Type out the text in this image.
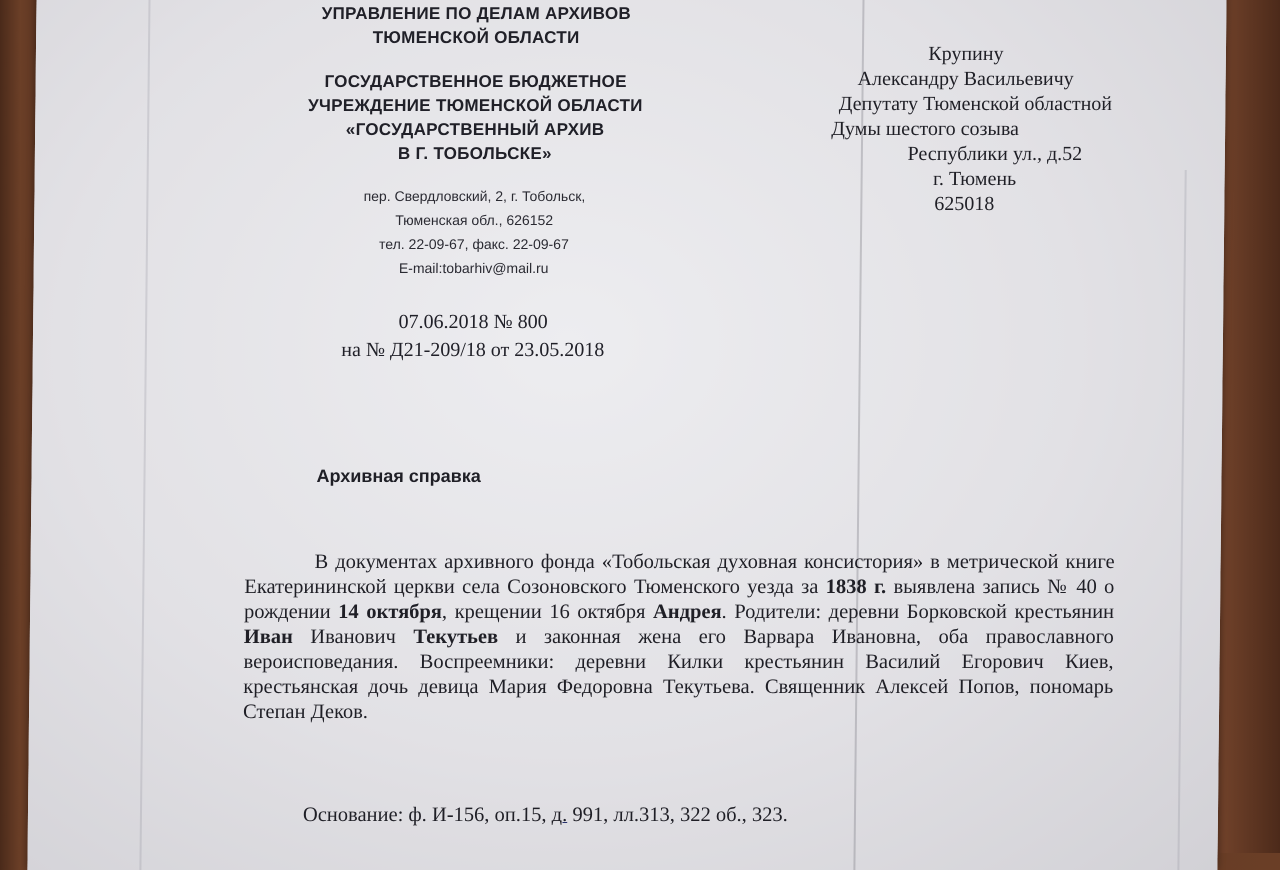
УПРАВЛЕНИЕ ПО ДЕЛАМ АРХИВОВ
ТЮМЕНСКОЙ ОБЛАСТИ
ГОСУДАРСТВЕННОЕ БЮДЖЕТНОЕ
УЧРЕЖДЕНИЕ ТЮМЕНСКОЙ ОБЛАСТИ
«ГОСУДАРСТВЕННЫЙ АРХИВ
В Г. ТОБОЛЬСКЕ»
пер. Свердловский, 2, г. Тобольск,
Тюменская обл., 626152
тел. 22-09-67, факс. 22-09-67
E-mail:tobarhiv@mail.ru
07.06.2018 № 800
на № Д21-209/18 от 23.05.2018
Крупину
Александру Васильевичу
Депутату Тюменской областной
Думы шестого созыва
Республики ул., д.52
г. Тюмень
625018
Архивная справка

В документах архивного фонда «Тобольская духовная консистория» в метрической книге Екатерининской церкви села Созоновского Тюменского уезда за 1838 г. выявлена запись № 40 о рождении 14 октября, крещении 16 октября Андрея. Родители: деревни Борковской крестьянин Иван Иванович Текутьев и законная жена его Варвара Ивановна, оба православного вероисповедания. Воспреемники: деревни Килки крестьянин Василий Егорович Киев, крестьянская дочь девица Мария Федоровна Текутьева. Священник Алексей Попов, пономарь Степан Деков.

Основание: ф. И-156, оп.15, д. 991, лл.313, 322 об., 323.
